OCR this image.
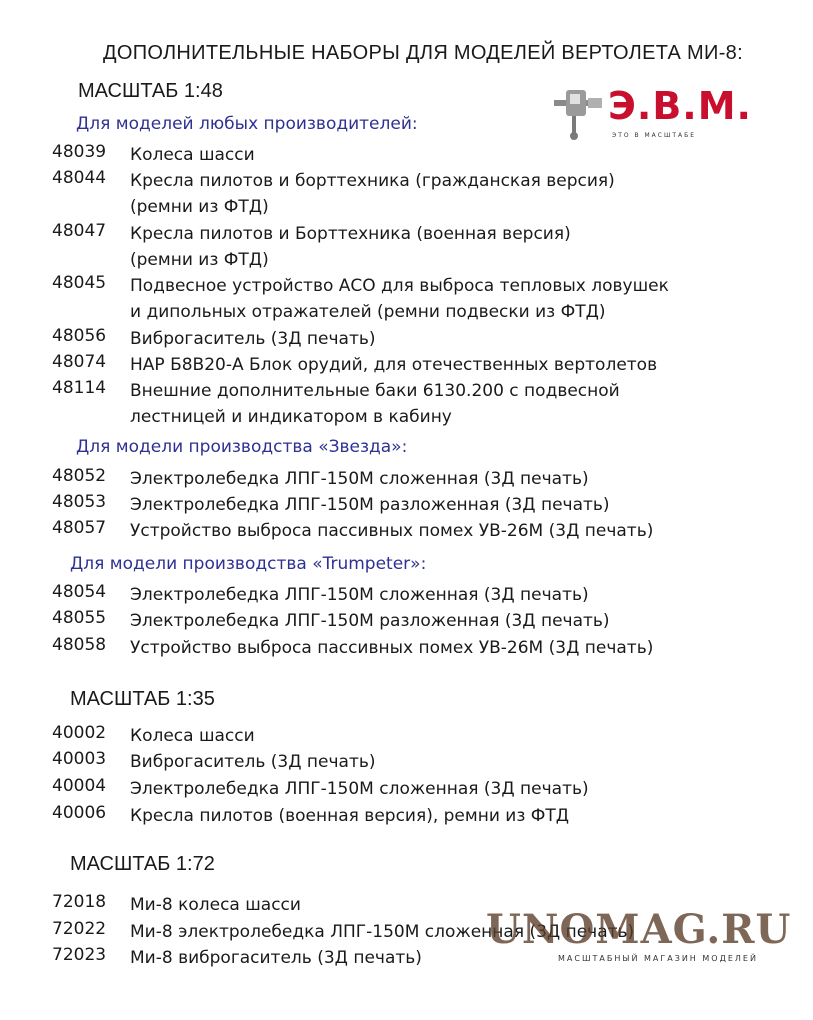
ДОПОЛНИТЕЛЬНЫЕ НАБОРЫ ДЛЯ МОДЕЛЕЙ ВЕРТОЛЕТА МИ-8:
Э.В.М.
ЭТО В МАСШТАБЕ
МАСШТАБ 1:48
Для моделей любых производителей:
48039	Колеса шасси
48044	Кресла пилотов и борттехника (гражданская версия)
(ремни из ФТД)
48047	Кресла пилотов и Борттехника (военная версия)
(ремни из ФТД)
48045	Подвесное устройство АСО для выброса тепловых ловушек
и дипольных отражателей (ремни подвески из ФТД)
48056	Виброгаситель (3Д печать)
48074	НАР Б8В20-А Блок орудий, для отечественных вертолетов
48114	Внешние дополнительные баки 6130.200 с подвесной
лестницей и индикатором в кабину
Для модели производства «Звезда»:
48052	Электролебедка ЛПГ-150М сложенная (3Д печать)
48053	Электролебедка ЛПГ-150М разложенная (3Д печать)
48057	Устройство выброса пассивных помех УВ-26М (3Д печать)
Для модели производства «Trumpeter»:
48054	Электролебедка ЛПГ-150М сложенная (3Д печать)
48055	Электролебедка ЛПГ-150М разложенная (3Д печать)
48058	Устройство выброса пассивных помех УВ-26М (3Д печать)
МАСШТАБ 1:35
40002	Колеса шасси
40003	Виброгаситель (3Д печать)
40004	Электролебедка ЛПГ-150М сложенная (3Д печать)
40006	Кресла пилотов (военная версия), ремни из ФТД
МАСШТАБ 1:72
72018	Ми-8 колеса шасси
72022	Ми-8 электролебедка ЛПГ-150М сложенная (3Д печать)
72023	Ми-8 виброгаситель (3Д печать)
UNOMAG.RU
МАСШТАБНЫЙ МАГАЗИН МОДЕЛЕЙ
